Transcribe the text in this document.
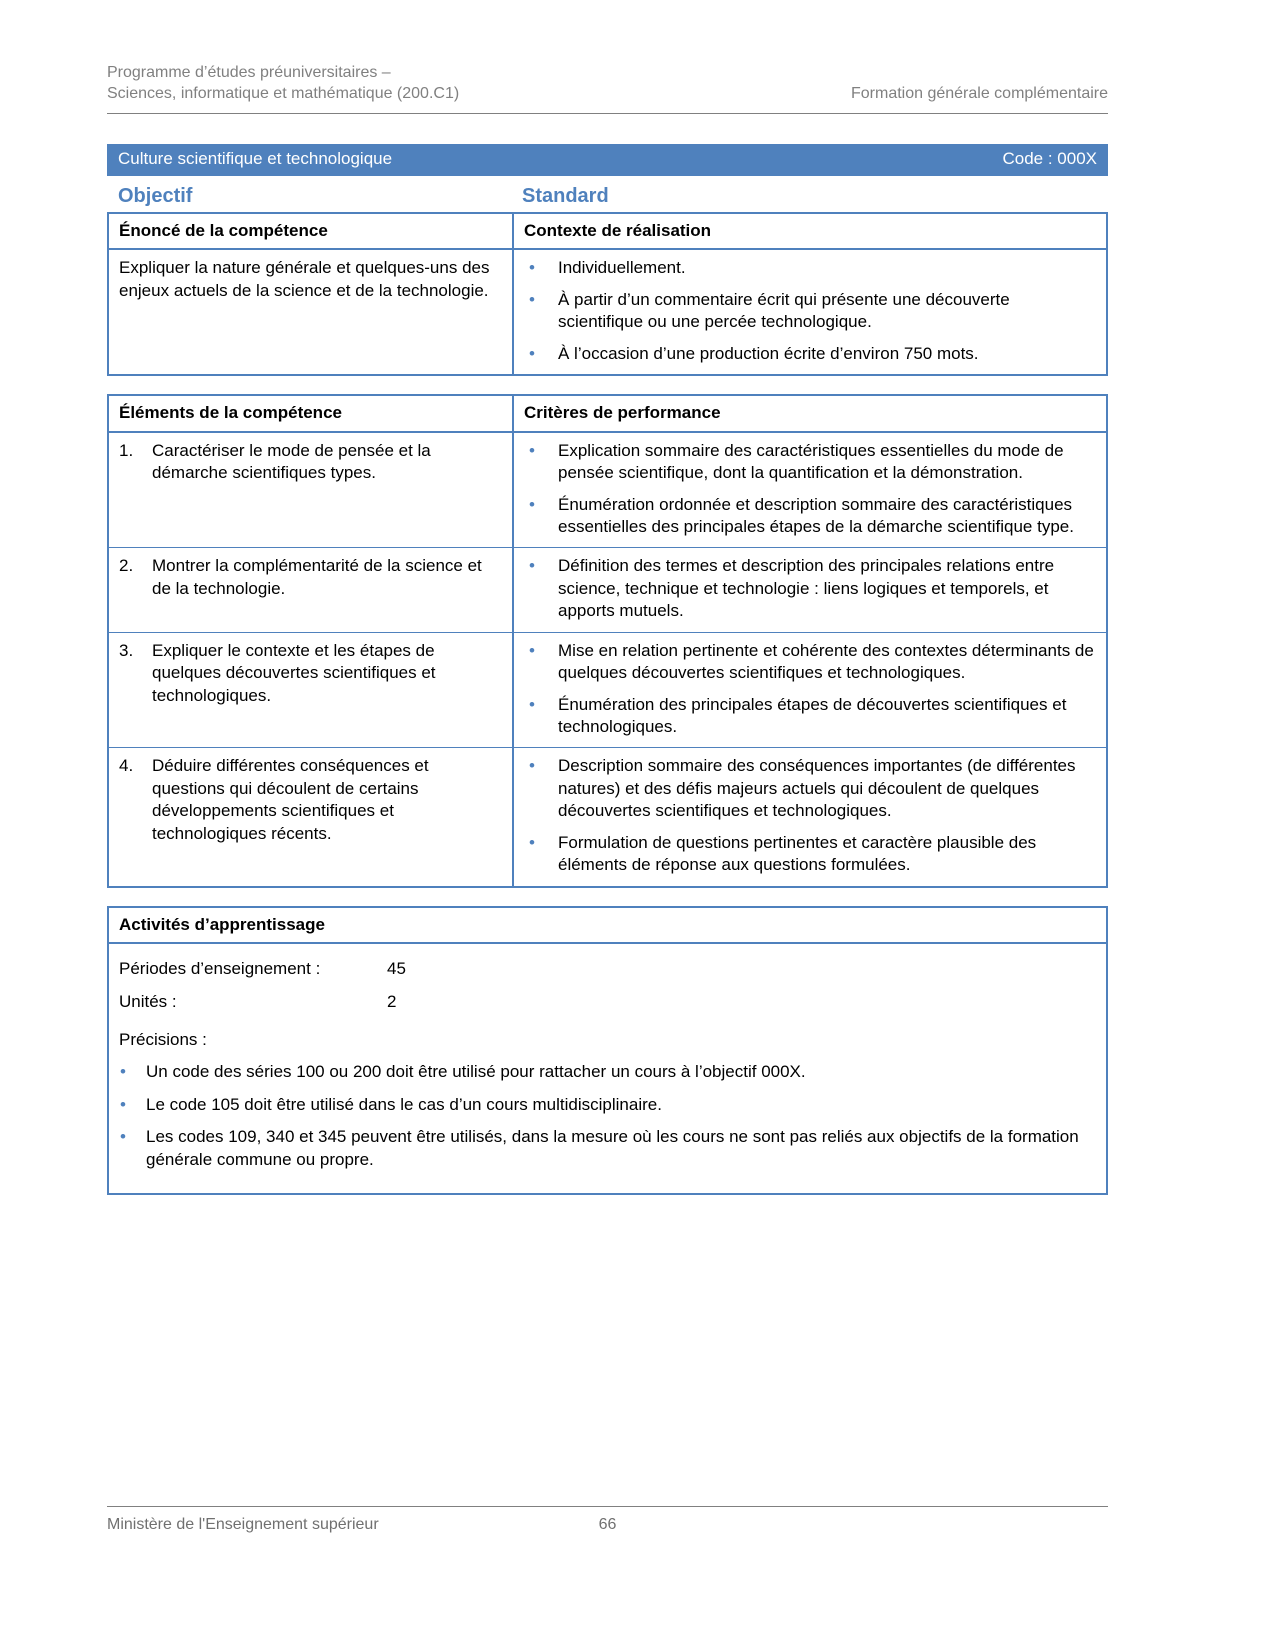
Programme d’études préuniversitaires –
Sciences, informatique et mathématique (200.C1)	Formation générale complémentaire
Culture scientifique et technologique	Code : 000X
Objectif	Standard
Énoncé de la compétence	Contexte de réalisation
Expliquer la nature générale et quelques-uns des enjeux actuels de la science et de la technologie.
•	Individuellement.
•	À partir d’un commentaire écrit qui présente une découverte scientifique ou une percée technologique.
•	À l’occasion d’une production écrite d’environ 750 mots.
Éléments de la compétence	Critères de performance
1.	Caractériser le mode de pensée et la démarche scientifiques types.
•	Explication sommaire des caractéristiques essentielles du mode de pensée scientifique, dont la quantification et la démonstration.
•	Énumération ordonnée et description sommaire des caractéristiques essentielles des principales étapes de la démarche scientifique type.
2.	Montrer la complémentarité de la science et de la technologie.
•	Définition des termes et description des principales relations entre science, technique et technologie : liens logiques et temporels, et apports mutuels.
3.	Expliquer le contexte et les étapes de quelques découvertes scientifiques et technologiques.
•	Mise en relation pertinente et cohérente des contextes déterminants de quelques découvertes scientifiques et technologiques.
•	Énumération des principales étapes de découvertes scientifiques et technologiques.
4.	Déduire différentes conséquences et questions qui découlent de certains développements scientifiques et technologiques récents.
•	Description sommaire des conséquences importantes (de différentes natures) et des défis majeurs actuels qui découlent de quelques découvertes scientifiques et technologiques.
•	Formulation de questions pertinentes et caractère plausible des éléments de réponse aux questions formulées.
Activités d’apprentissage
Périodes d’enseignement :	45
Unités :	2
Précisions :
•	Un code des séries 100 ou 200 doit être utilisé pour rattacher un cours à l’objectif 000X.
•	Le code 105 doit être utilisé dans le cas d’un cours multidisciplinaire.
•	Les codes 109, 340 et 345 peuvent être utilisés, dans la mesure où les cours ne sont pas reliés aux objectifs de la formation générale commune ou propre.
Ministère de l'Enseignement supérieur	66
